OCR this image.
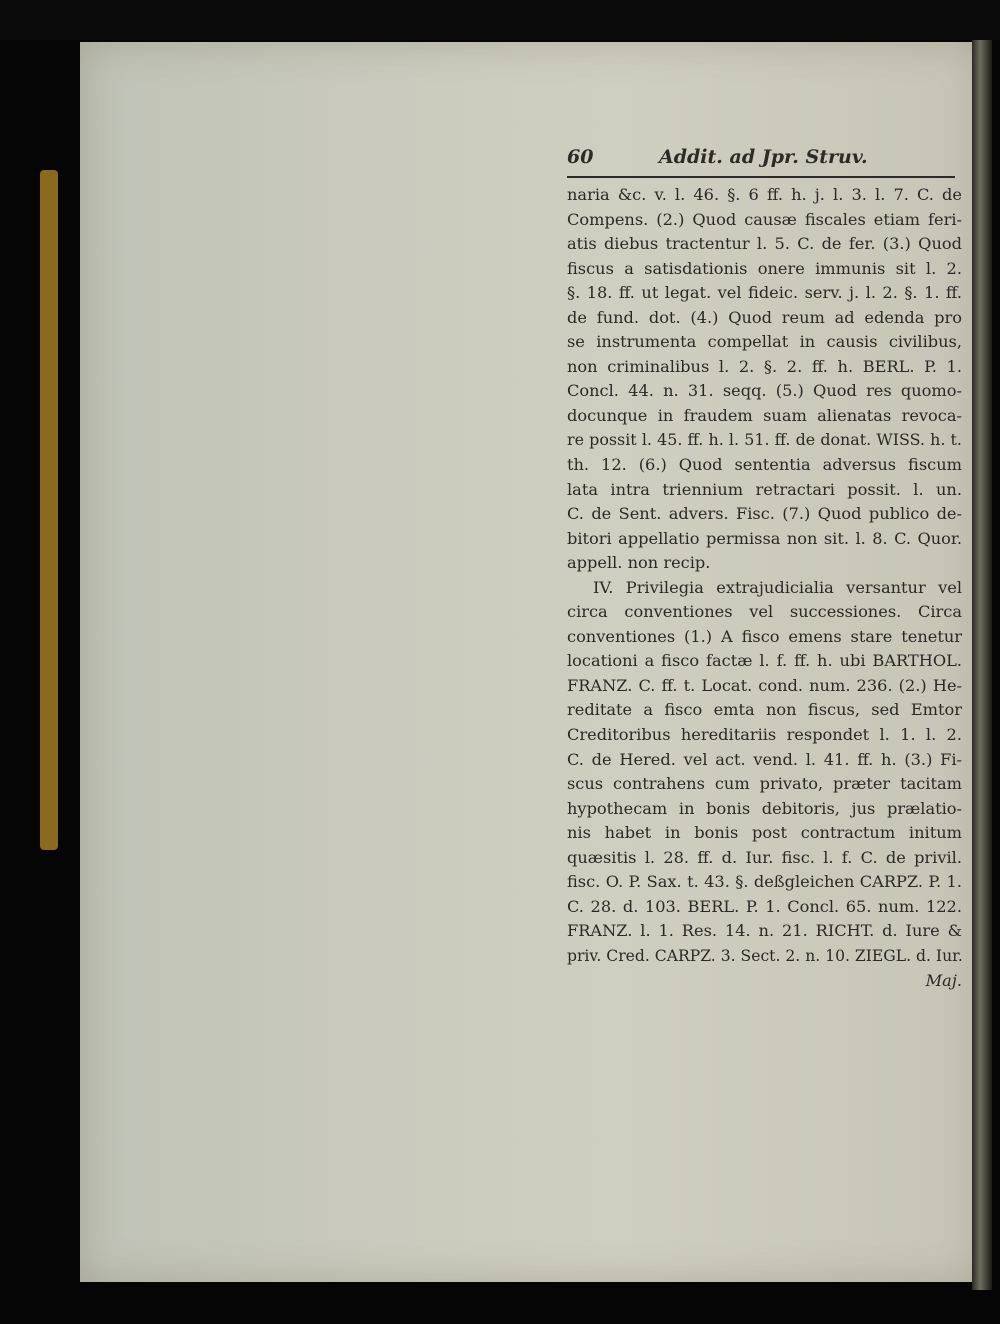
60	Addit. ad Jpr. Struv.
naria &c. v. l. 46. §. 6 ff. h. j. l. 3. l. 7. C. de
Compens. (2.) Quod causæ fiscales etiam feri-
atis diebus tractentur l. 5. C. de fer. (3.) Quod
fiscus a satisdationis onere immunis sit l. 2.
§. 18. ff. ut legat. vel fideic. serv. j. l. 2. §. 1. ff.
de fund. dot. (4.) Quod reum ad edenda pro
se instrumenta compellat in causis civilibus,
non criminalibus l. 2. §. 2. ff. h. BERL. P. 1.
Concl. 44. n. 31. seqq. (5.) Quod res quomo-
docunque in fraudem suam alienatas revoca-
re possit l. 45. ff. h. l. 51. ff. de donat. WISS. h. t.
th. 12. (6.) Quod sententia adversus fiscum
lata intra triennium retractari possit. l. un.
C. de Sent. advers. Fisc. (7.) Quod publico de-
bitori appellatio permissa non sit. l. 8. C. Quor.
appell. non recip.
IV. Privilegia extrajudicialia versantur vel
circa conventiones vel successiones. Circa
conventiones (1.) A fisco emens stare tenetur
locationi a fisco factæ l. f. ff. h. ubi BARTHOL.
FRANZ. C. ff. t. Locat. cond. num. 236. (2.) He-
reditate a fisco emta non fiscus, sed Emtor
Creditoribus hereditariis respondet l. 1. l. 2.
C. de Hered. vel act. vend. l. 41. ff. h. (3.) Fi-
scus contrahens cum privato, præter tacitam
hypothecam in bonis debitoris, jus prælatio-
nis habet in bonis post contractum initum
quæsitis l. 28. ff. d. Iur. fisc. l. f. C. de privil.
fisc. O. P. Sax. t. 43. §. deßgleichen CARPZ. P. 1.
C. 28. d. 103. BERL. P. 1. Concl. 65. num. 122.
FRANZ. l. 1. Res. 14. n. 21. RICHT. d. Iure &
priv. Cred. CARPZ. 3. Sect. 2. n. 10. ZIEGL. d. Iur.
Maj.
